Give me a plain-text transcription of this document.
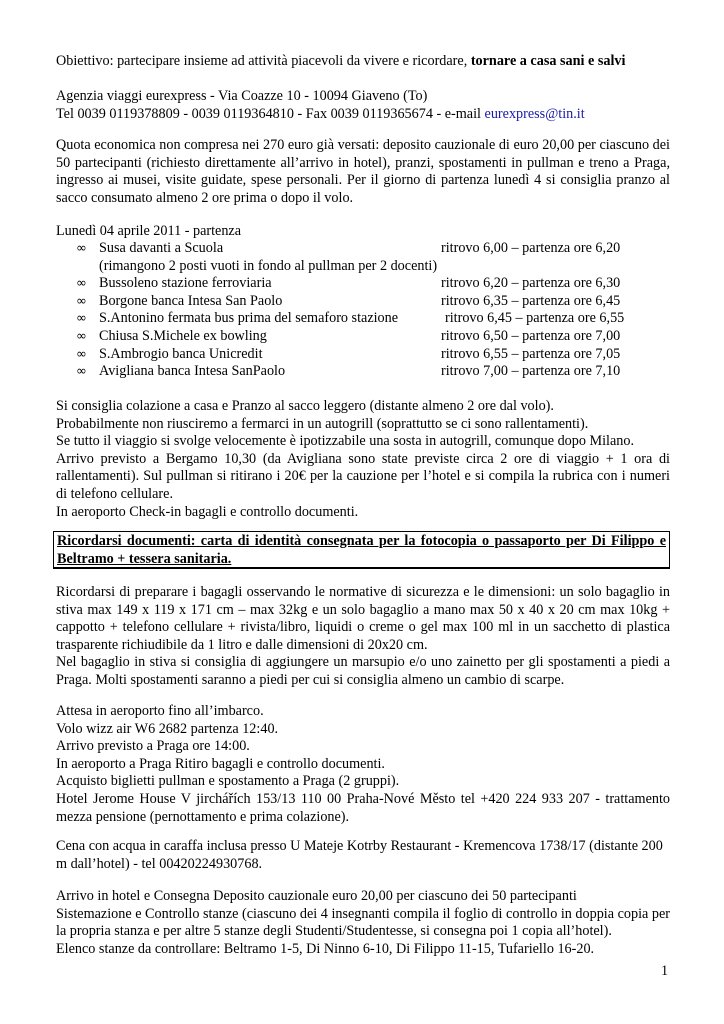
Obiettivo: partecipare insieme ad attività piacevoli da vivere e ricordare, tornare a casa sani e salvi

Agenzia viaggi eurexpress - Via Coazze 10 - 10094 Giaveno (To)
Tel 0039 0119378809 - 0039 0119364810 - Fax 0039 0119365674 - e-mail eurexpress@tin.it

Quota economica non compresa nei 270 euro già versati: deposito cauzionale di euro 20,00 per ciascuno dei 50 partecipanti (richiesto direttamente all’arrivo in hotel), pranzi, spostamenti in pullman e treno a Praga, ingresso ai musei, visite guidate, spese personali. Per il giorno di partenza lunedì 4 si consiglia pranzo al sacco consumato almeno 2 ore prima o dopo il volo.

Lunedì 04 aprile 2011 - partenza
∞ Susa davanti a Scuola	ritrovo 6,00 – partenza ore 6,20
(rimangono 2 posti vuoti in fondo al pullman per 2 docenti)
∞ Bussoleno stazione ferroviaria	ritrovo 6,20 – partenza ore 6,30
∞ Borgone banca Intesa San Paolo	ritrovo 6,35 – partenza ore 6,45
∞ S.Antonino fermata bus prima del semaforo stazione	ritrovo 6,45 – partenza ore 6,55
∞ Chiusa S.Michele ex bowling	ritrovo 6,50 – partenza ore 7,00
∞ S.Ambrogio banca Unicredit	ritrovo 6,55 – partenza ore 7,05
∞ Avigliana banca Intesa SanPaolo	ritrovo 7,00 – partenza ore 7,10
Si consiglia colazione a casa e Pranzo al sacco leggero (distante almeno 2 ore dal volo).
Probabilmente non riusciremo a fermarci in un autogrill (soprattutto se ci sono rallentamenti).
Se tutto il viaggio si svolge velocemente è ipotizzabile una sosta in autogrill, comunque dopo Milano.

Arrivo previsto a Bergamo 10,30 (da Avigliana sono state previste circa 2 ore di viaggio + 1 ora di rallentamenti). Sul pullman si ritirano i 20€ per la cauzione per l’hotel e si compila la rubrica con i numeri di telefono cellulare.

In aeroporto Check-in bagagli e controllo documenti.

Ricordarsi documenti: carta di identità consegnata per la fotocopia o passaporto per Di Filippo e Beltramo + tessera sanitaria.

Ricordarsi di preparare i bagagli osservando le normative di sicurezza e le dimensioni: un solo bagaglio in stiva max 149 x 119 x 171 cm – max 32kg e un solo bagaglio a mano max 50 x 40 x 20 cm max 10kg + cappotto + telefono cellulare + rivista/libro, liquidi o creme o gel max 100 ml in un sacchetto di plastica trasparente richiudibile da 1 litro e dalle dimensioni di 20x20 cm.

Nel bagaglio in stiva si consiglia di aggiungere un marsupio e/o uno zainetto per gli spostamenti a piedi a Praga. Molti spostamenti saranno a piedi per cui si consiglia almeno un cambio di scarpe.

Attesa in aeroporto fino all’imbarco.
Volo wizz air W6 2682 partenza 12:40.
Arrivo previsto a Praga ore 14:00.
In aeroporto a Praga Ritiro bagagli e controllo documenti.
Acquisto biglietti pullman e spostamento a Praga (2 gruppi).

Hotel Jerome House V jirchářích 153/13 110 00 Praha-Nové Město tel +420 224 933 207 - trattamento mezza pensione (pernottamento e prima colazione).

Cena con acqua in caraffa inclusa presso U Mateje Kotrby Restaurant - Kremencova 1738/17 (distante 200 m dall’hotel) - tel 00420224930768.

Arrivo in hotel e Consegna Deposito cauzionale euro 20,00 per ciascuno dei 50 partecipanti

Sistemazione e Controllo stanze (ciascuno dei 4 insegnanti compila il foglio di controllo in doppia copia per la propria stanza e per altre 5 stanze degli Studenti/Studentesse, si consegna poi 1 copia all’hotel).

Elenco stanze da controllare: Beltramo 1-5, Di Ninno 6-10, Di Filippo 11-15, Tufariello 16-20.
1
